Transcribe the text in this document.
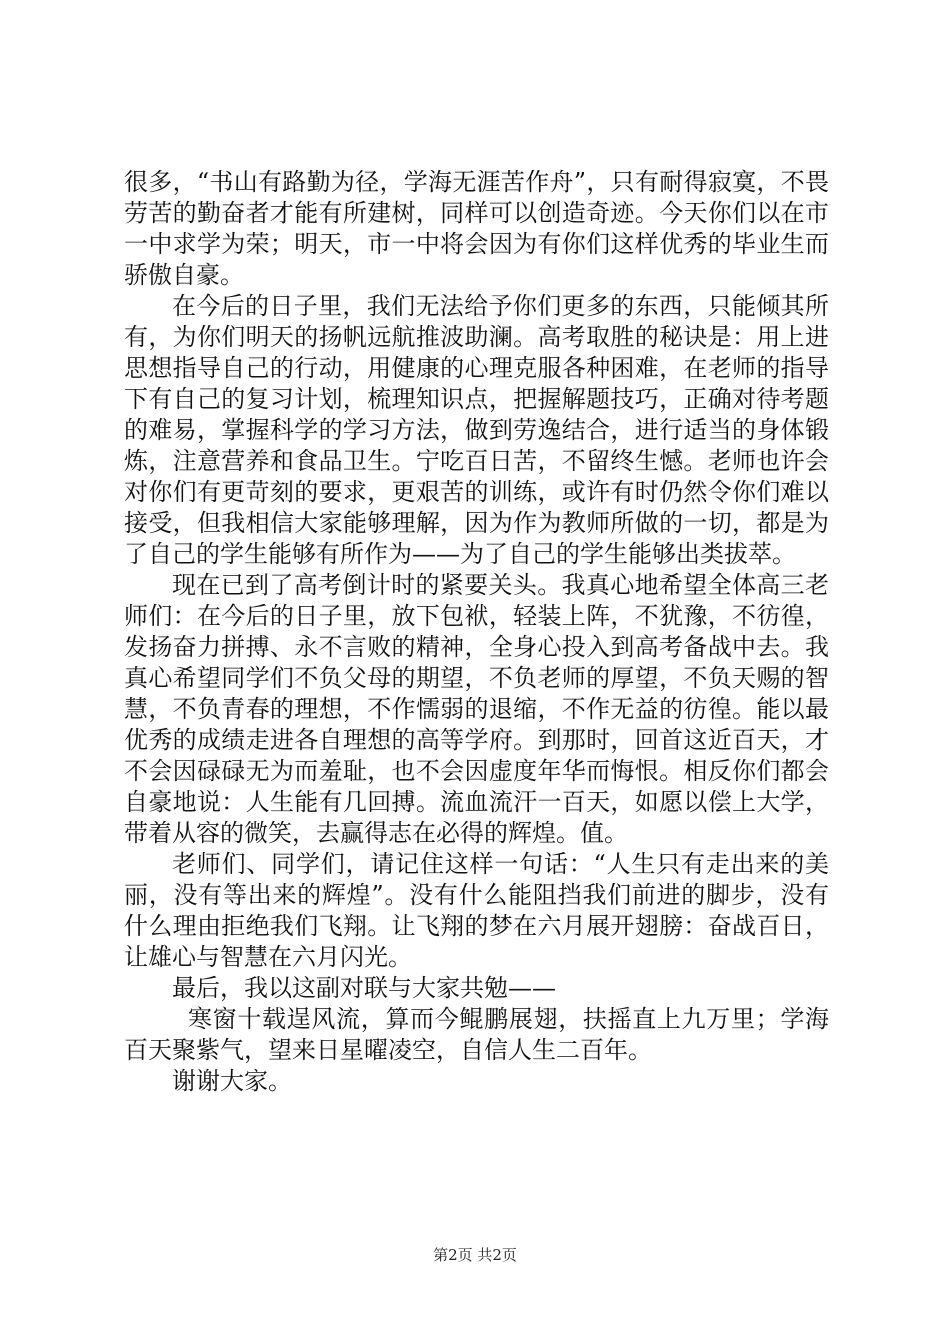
很多，“书山有路勤为径，学海无涯苦作舟”，只有耐得寂寞，不畏劳苦的勤奋者才能有所建树，同样可以创造奇迹。今天你们以在市一中求学为荣；明天，市一中将会因为有你们这样优秀的毕业生而骄傲自豪。

在今后的日子里，我们无法给予你们更多的东西，只能倾其所有，为你们明天的扬帆远航推波助澜。高考取胜的秘诀是：用上进思想指导自己的行动，用健康的心理克服各种困难，在老师的指导下有自己的复习计划，梳理知识点，把握解题技巧，正确对待考题的难易，掌握科学的学习方法，做到劳逸结合，进行适当的身体锻炼，注意营养和食品卫生。宁吃百日苦，不留终生憾。老师也许会对你们有更苛刻的要求，更艰苦的训练，或许有时仍然令你们难以接受，但我相信大家能够理解，因为作为教师所做的一切，都是为了自己的学生能够有所作为——为了自己的学生能够出类拔萃。

现在已到了高考倒计时的紧要关头。我真心地希望全体高三老师们：在今后的日子里，放下包袱，轻装上阵，不犹豫，不彷徨，发扬奋力拼搏、永不言败的精神，全身心投入到高考备战中去。我真心希望同学们不负父母的期望，不负老师的厚望，不负天赐的智慧，不负青春的理想，不作懦弱的退缩，不作无益的彷徨。能以最优秀的成绩走进各自理想的高等学府。到那时，回首这近百天，才不会因碌碌无为而羞耻，也不会因虚度年华而悔恨。相反你们都会自豪地说：人生能有几回搏。流血流汗一百天，如愿以偿上大学，带着从容的微笑，去赢得志在必得的辉煌。值。

老师们、同学们，请记住这样一句话：“人生只有走出来的美丽，没有等出来的辉煌”。没有什么能阻挡我们前进的脚步，没有什么理由拒绝我们飞翔。让飞翔的梦在六月展开翅膀：奋战百日，让雄心与智慧在六月闪光。

最后，我以这副对联与大家共勉——

寒窗十载逞风流，算而今鲲鹏展翅，扶摇直上九万里；学海百天聚紫气，望来日星曜凌空，自信人生二百年。

谢谢大家。

第2页 共2页
